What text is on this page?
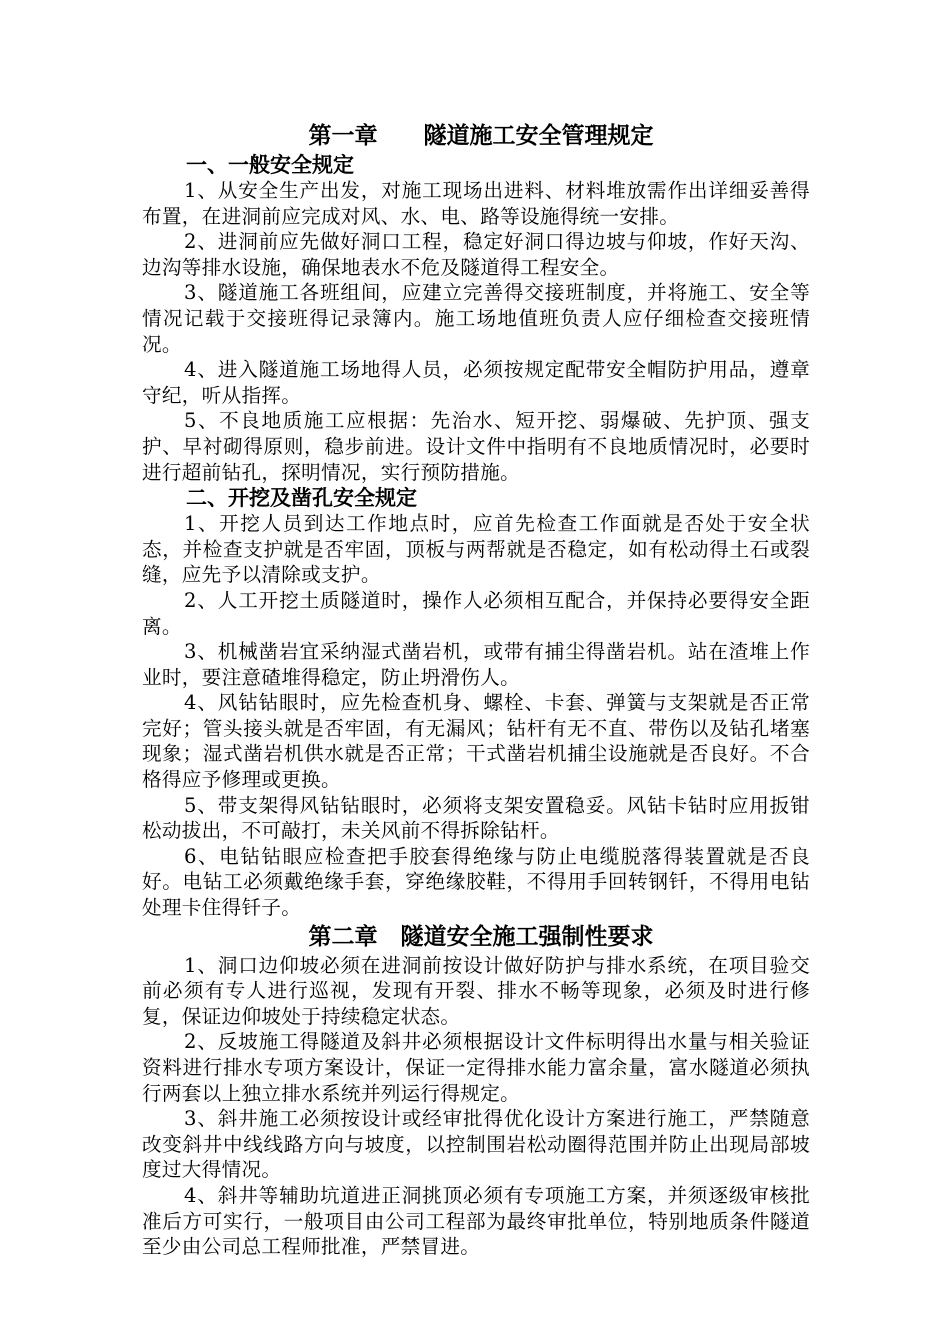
第一章　　隧道施工安全管理规定
一、一般安全规定

1、从安全生产出发，对施工现场出进料、材料堆放需作出详细妥善得布置，在进洞前应完成对风、水、电、路等设施得统一安排。

2、进洞前应先做好洞口工程，稳定好洞口得边坡与仰坡，作好天沟、边沟等排水设施，确保地表水不危及隧道得工程安全。

3、隧道施工各班组间，应建立完善得交接班制度，并将施工、安全等情况记载于交接班得记录簿内。施工场地值班负责人应仔细检查交接班情况。

4、进入隧道施工场地得人员，必须按规定配带安全帽防护用品，遵章守纪，听从指挥。

5、不良地质施工应根据：先治水、短开挖、弱爆破、先护顶、强支护、早衬砌得原则，稳步前进。设计文件中指明有不良地质情况时，必要时进行超前钻孔，探明情况，实行预防措施。

二、开挖及凿孔安全规定

1、开挖人员到达工作地点时，应首先检查工作面就是否处于安全状态，并检查支护就是否牢固，顶板与两帮就是否稳定，如有松动得土石或裂缝，应先予以清除或支护。

2、人工开挖土质隧道时，操作人必须相互配合，并保持必要得安全距离。

3、机械凿岩宜采纳湿式凿岩机，或带有捕尘得凿岩机。站在渣堆上作业时，要注意碴堆得稳定，防止坍滑伤人。

4、风钻钻眼时，应先检查机身、螺栓、卡套、弹簧与支架就是否正常完好；管头接头就是否牢固，有无漏风；钻杆有无不直、带伤以及钻孔堵塞现象；湿式凿岩机供水就是否正常；干式凿岩机捕尘设施就是否良好。不合格得应予修理或更换。

5、带支架得风钻钻眼时，必须将支架安置稳妥。风钻卡钻时应用扳钳松动拔出，不可敲打，未关风前不得拆除钻杆。

6、电钻钻眼应检查把手胶套得绝缘与防止电缆脱落得装置就是否良好。电钻工必须戴绝缘手套，穿绝缘胶鞋，不得用手回转钢钎，不得用电钻处理卡住得钎子。

第二章　隧道安全施工强制性要求

1、洞口边仰坡必须在进洞前按设计做好防护与排水系统，在项目验交前必须有专人进行巡视，发现有开裂、排水不畅等现象，必须及时进行修复，保证边仰坡处于持续稳定状态。

2、反坡施工得隧道及斜井必须根据设计文件标明得出水量与相关验证资料进行排水专项方案设计，保证一定得排水能力富余量，富水隧道必须执行两套以上独立排水系统并列运行得规定。

3、斜井施工必须按设计或经审批得优化设计方案进行施工，严禁随意改变斜井中线线路方向与坡度，以控制围岩松动圈得范围并防止出现局部坡度过大得情况。

4、斜井等辅助坑道进正洞挑顶必须有专项施工方案，并须逐级审核批准后方可实行，一般项目由公司工程部为最终审批单位，特别地质条件隧道至少由公司总工程师批准，严禁冒进。
